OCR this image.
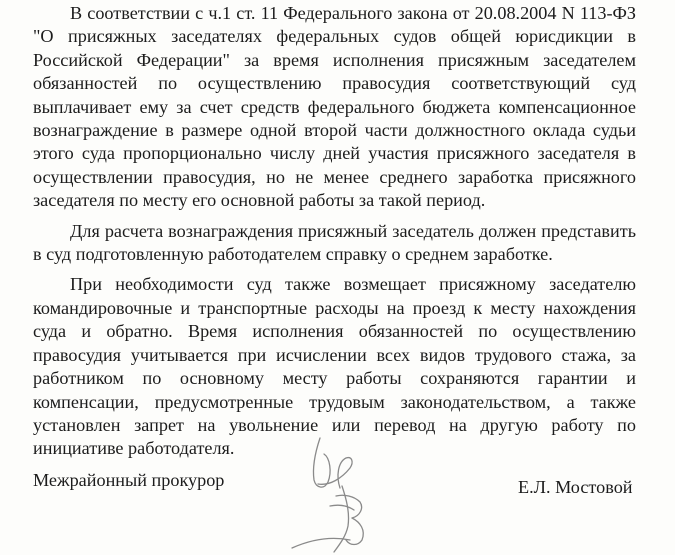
В соответствии с ч.1 ст. 11 Федерального закона от 20.08.2004 N 113-ФЗ "О присяжных заседателях федеральных судов общей юрисдикции в Российской Федерации" за время исполнения присяжным заседателем обязанностей по осуществлению правосудия соответствующий суд выплачивает ему за счет средств федерального бюджета компенсационное вознаграждение в размере одной второй части должностного оклада судьи этого суда пропорционально числу дней участия присяжного заседателя в осуществлении правосудия, но не менее среднего заработка присяжного заседателя по месту его основной работы за такой период.

Для расчета вознаграждения присяжный заседатель должен представить в суд подготовленную работодателем справку о среднем заработке.

При необходимости суд также возмещает присяжному заседателю командировочные и транспортные расходы на проезд к месту нахождения суда и обратно. Время исполнения обязанностей по осуществлению правосудия учитывается при исчислении всех видов трудового стажа, за работником по основному месту работы сохраняются гарантии и компенсации, предусмотренные трудовым законодательством, а также установлен запрет на увольнение или перевод на другую работу по инициативе работодателя.

Межрайонный прокурор	Е.Л. Мостовой
